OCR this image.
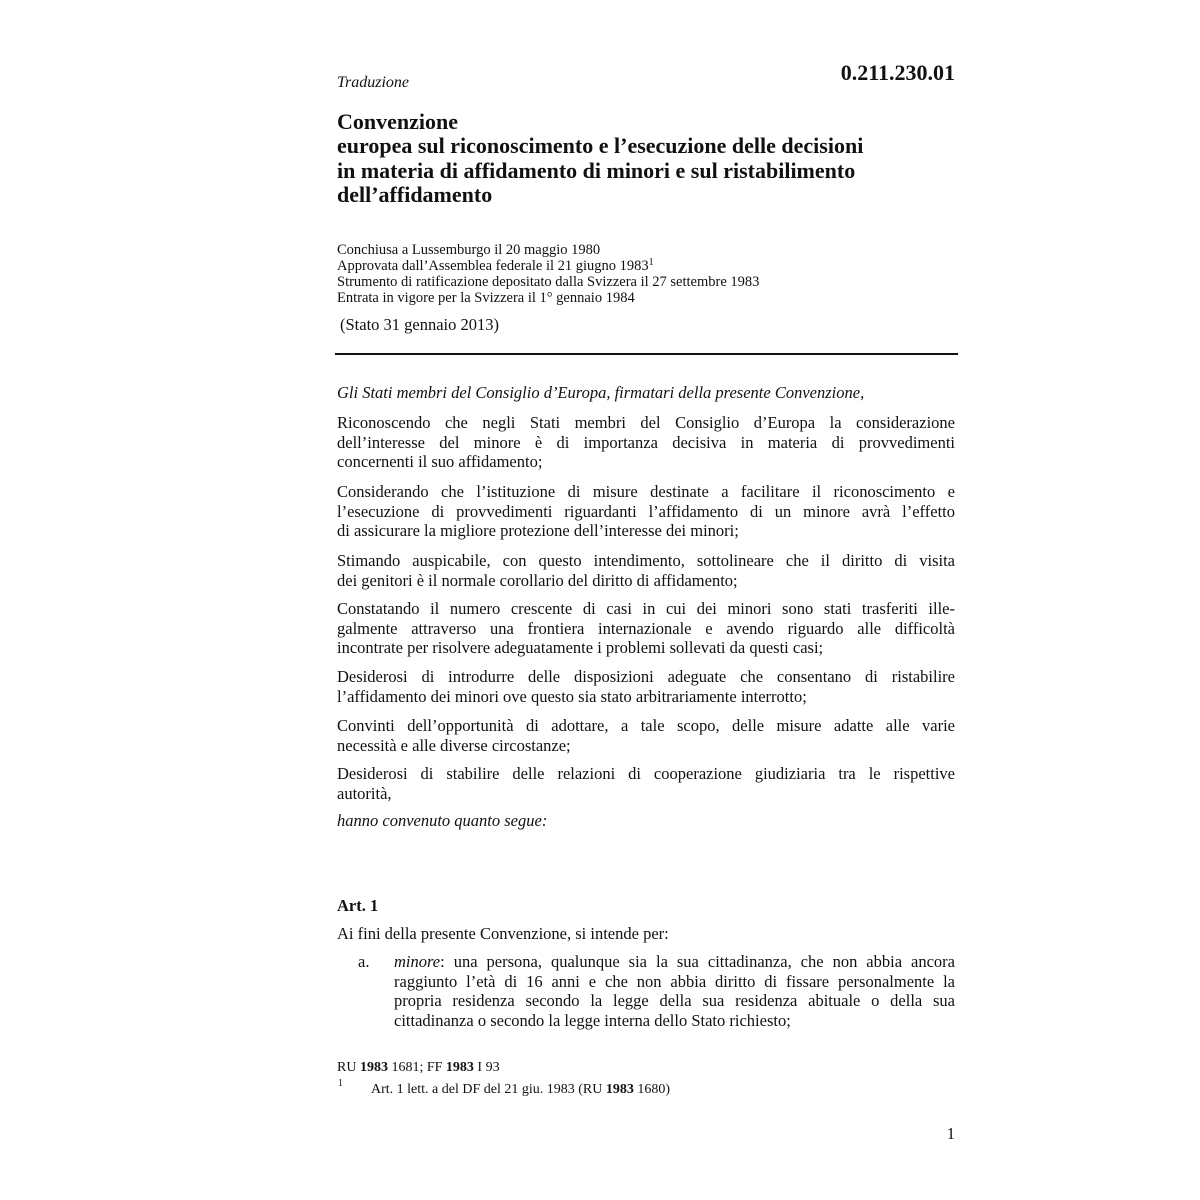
Traduzione	0.211.230.01
Convenzione
europea sul riconoscimento e l’esecuzione delle decisioni
in materia di affidamento di minori e sul ristabilimento
dell’affidamento
Conchiusa a Lussemburgo il 20 maggio 1980
Approvata dall’Assemblea federale il 21 giugno 1983$^1$
Strumento di ratificazione depositato dalla Svizzera il 27 settembre 1983
Entrata in vigore per la Svizzera il 1° gennaio 1984
(Stato 31 gennaio 2013)
Gli Stati membri del Consiglio d’Europa, firmatari della presente Convenzione,
Riconoscendo che negli Stati membri del Consiglio d’Europa la considerazione
dell’interesse del minore è di importanza decisiva in materia di provvedimenti
concernenti il suo affidamento;
Considerando che l’istituzione di misure destinate a facilitare il riconoscimento e
l’esecuzione di provvedimenti riguardanti l’affidamento di un minore avrà l’effetto
di assicurare la migliore protezione dell’interesse dei minori;
Stimando auspicabile, con questo intendimento, sottolineare che il diritto di visita
dei genitori è il normale corollario del diritto di affidamento;
Constatando il numero crescente di casi in cui dei minori sono stati trasferiti ille-
galmente attraverso una frontiera internazionale e avendo riguardo alle difficoltà
incontrate per risolvere adeguatamente i problemi sollevati da questi casi;
Desiderosi di introdurre delle disposizioni adeguate che consentano di ristabilire
l’affidamento dei minori ove questo sia stato arbitrariamente interrotto;
Convinti dell’opportunità di adottare, a tale scopo, delle misure adatte alle varie
necessità e alle diverse circostanze;
Desiderosi di stabilire delle relazioni di cooperazione giudiziaria tra le rispettive
autorità,
hanno convenuto quanto segue:
Art. 1
Ai fini della presente Convenzione, si intende per:
a. minore: una persona, qualunque sia la sua cittadinanza, che non abbia ancora
raggiunto l’età di 16 anni e che non abbia diritto di fissare personalmente la
propria residenza secondo la legge della sua residenza abituale o della sua
cittadinanza o secondo la legge interna dello Stato richiesto;
RU 1983 1681; FF 1983 I 93
1 Art. 1 lett. a del DF del 21 giu. 1983 (RU 1983 1680)
1
